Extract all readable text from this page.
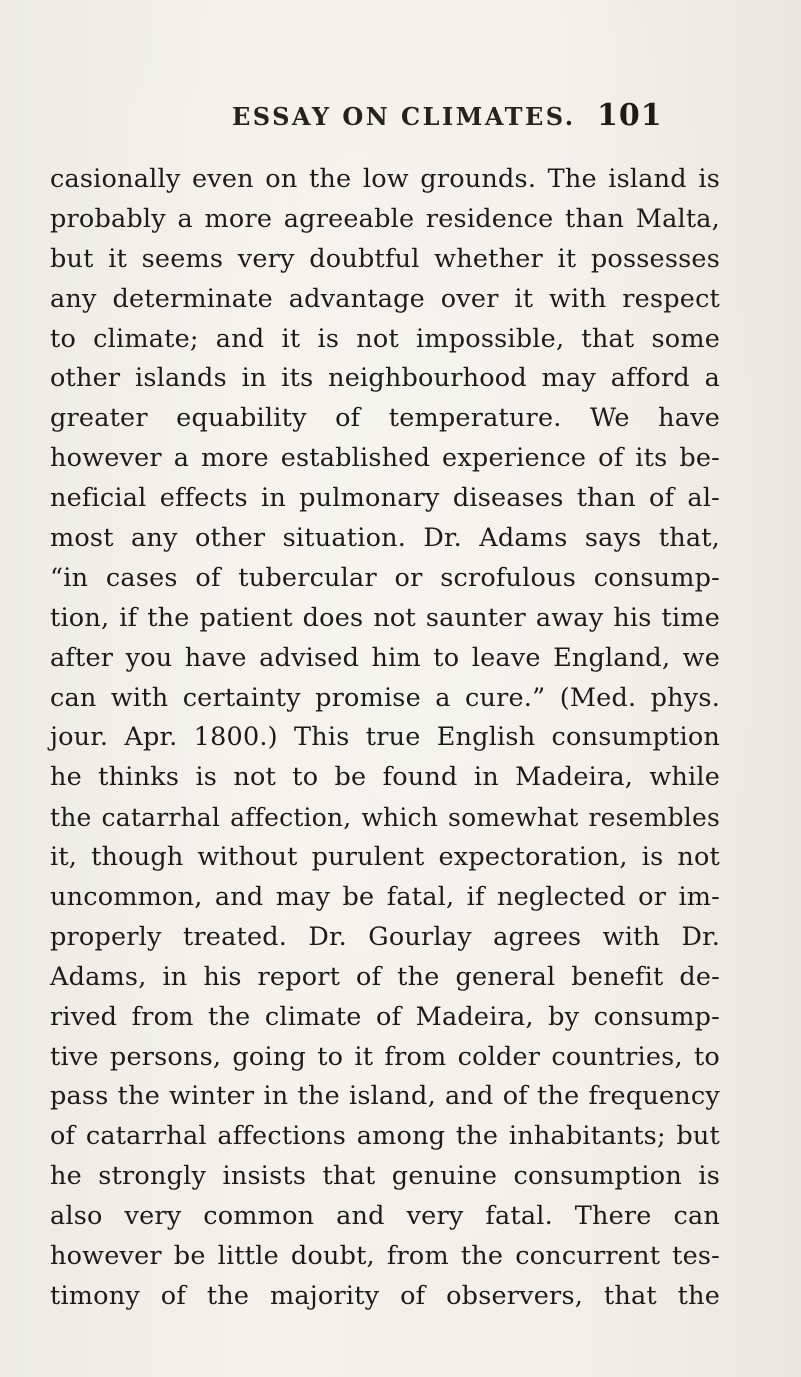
ESSAY ON CLIMATES. 101
casionally even on the low grounds. The island is
probably a more agreeable residence than Malta,
but it seems very doubtful whether it possesses
any determinate advantage over it with respect
to climate; and it is not impossible, that some
other islands in its neighbourhood may afford a
greater equability of temperature. We have
however a more established experience of its be-
neficial effects in pulmonary diseases than of al-
most any other situation. Dr. Adams says that,
“in cases of tubercular or scrofulous consump-
tion, if the patient does not saunter away his time
after you have advised him to leave England, we
can with certainty promise a cure.” (Med. phys.
jour. Apr. 1800.) This true English consumption
he thinks is not to be found in Madeira, while
the catarrhal affection, which somewhat resembles
it, though without purulent expectoration, is not
uncommon, and may be fatal, if neglected or im-
properly treated. Dr. Gourlay agrees with Dr.
Adams, in his report of the general benefit de-
rived from the climate of Madeira, by consump-
tive persons, going to it from colder countries, to
pass the winter in the island, and of the frequency
of catarrhal affections among the inhabitants; but
he strongly insists that genuine consumption is
also very common and very fatal. There can
however be little doubt, from the concurrent tes-
timony of the majority of observers, that the
